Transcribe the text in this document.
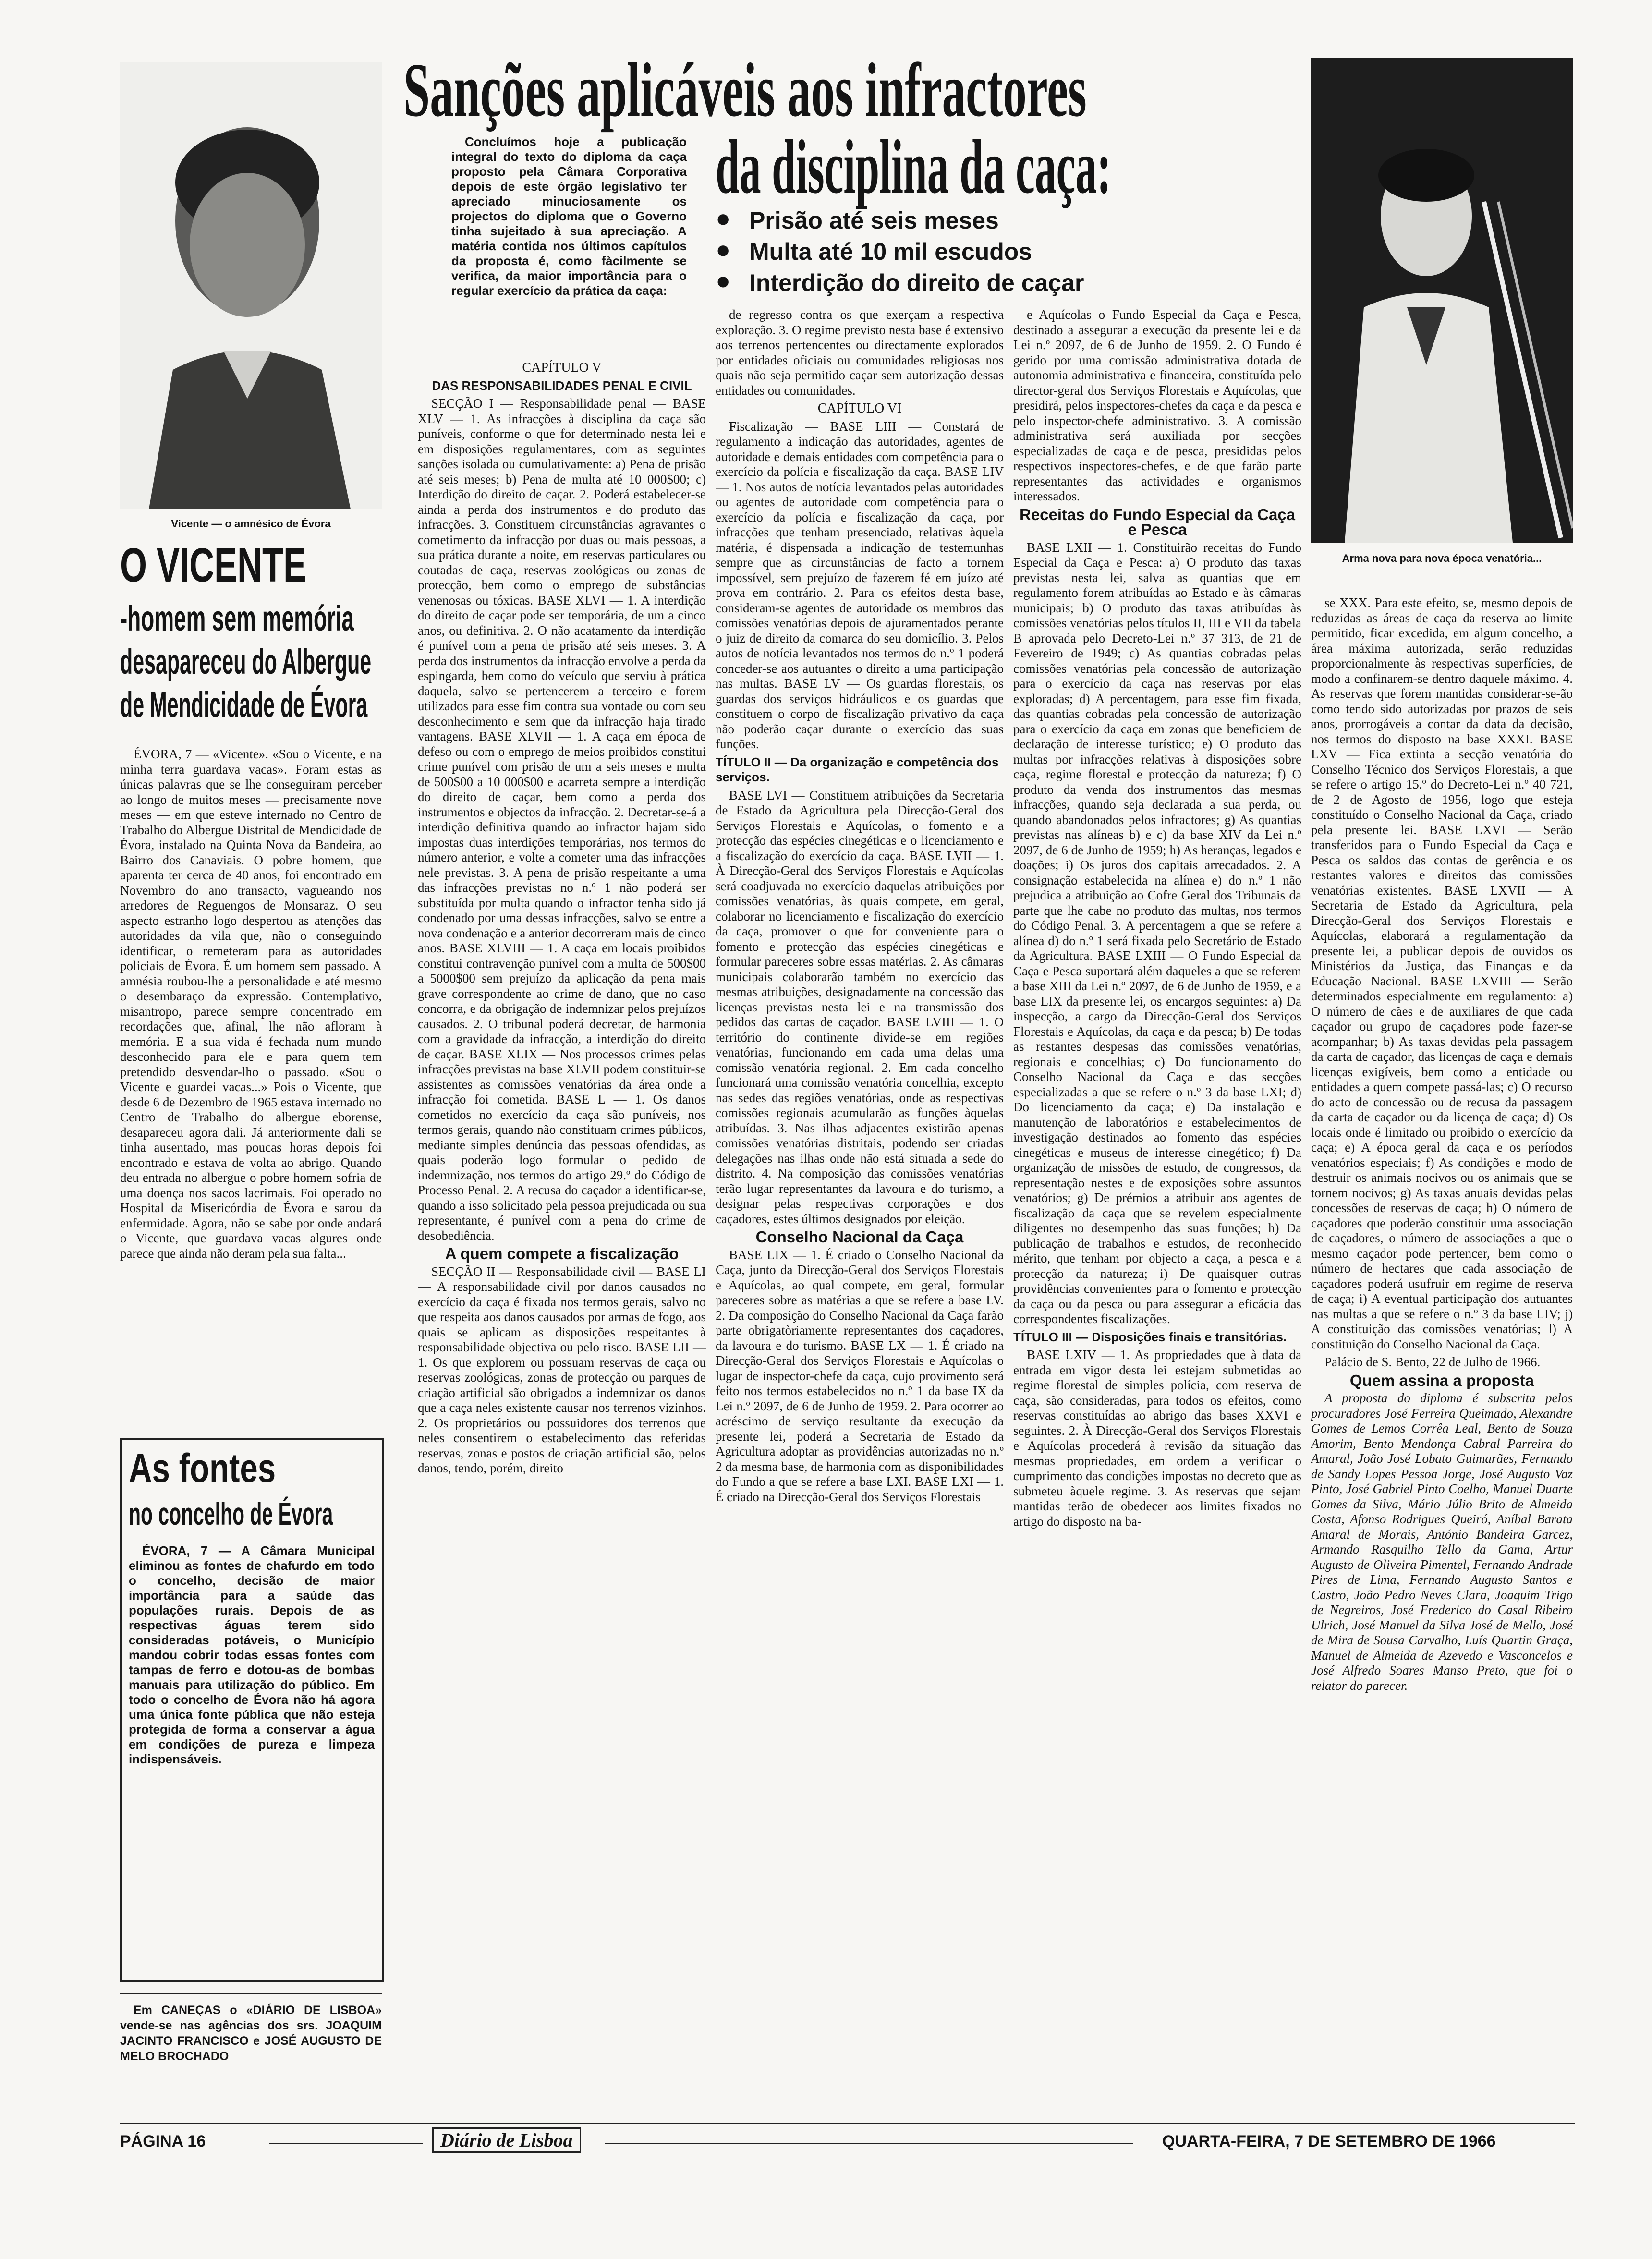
Vicente — o amnésico de Évora
O VICENTE
-homem sem memória
desapareceu do Albergue
de Mendicidade de Évora

ÉVORA, 7 — «Vicente». «Sou o Vicente, e na minha terra guardava vacas». Foram estas as únicas palavras que se lhe conseguiram perceber ao longo de muitos meses — precisamente nove meses — em que esteve internado no Centro de Trabalho do Albergue Distrital de Mendicidade de Évora, instalado na Quinta Nova da Bandeira, ao Bairro dos Canaviais. O pobre homem, que aparenta ter cerca de 40 anos, foi encontrado em Novembro do ano transacto, vagueando nos arredores de Reguengos de Monsaraz. O seu aspecto estranho logo despertou as atenções das autoridades da vila que, não o conseguindo identificar, o remeteram para as autoridades policiais de Évora. É um homem sem passado. A amnésia roubou-lhe a personalidade e até mesmo o desembaraço da expressão. Contemplativo, misantropo, parece sempre concentrado em recordações que, afinal, lhe não afloram à memória. E a sua vida é fechada num mundo desconhecido para ele e para quem tem pretendido desvendar-lho o passado. «Sou o Vicente e guardei vacas...» Pois o Vicente, que desde 6 de Dezembro de 1965 estava internado no Centro de Trabalho do albergue eborense, desapareceu agora dali. Já anteriormente dali se tinha ausentado, mas poucas horas depois foi encontrado e estava de volta ao abrigo. Quando deu entrada no albergue o pobre homem sofria de uma doença nos sacos lacrimais. Foi operado no Hospital da Misericórdia de Évora e sarou da enfermidade. Agora, não se sabe por onde andará o Vicente, que guardava vacas algures onde parece que ainda não deram pela sua falta...

As fontes
no concelho de Évora

ÉVORA, 7 — A Câmara Municipal eliminou as fontes de chafurdo em todo o concelho, decisão de maior importância para a saúde das populações rurais. Depois de as respectivas águas terem sido consideradas potáveis, o Município mandou cobrir todas essas fontes com tampas de ferro e dotou-as de bombas manuais para utilização do público. Em todo o concelho de Évora não há agora uma única fonte pública que não esteja protegida de forma a conservar a água em condições de pureza e limpeza indispensáveis.

Em CANEÇAS o «DIÁRIO DE LISBOA» vende-se nas agências dos srs. JOAQUIM JACINTO FRANCISCO e JOSÉ AUGUSTO DE MELO BROCHADO

Sanções aplicáveis aos infractores
da disciplina da caça:
● Prisão até seis meses
● Multa até 10 mil escudos
● Interdição do direito de caçar

Concluímos hoje a publicação integral do texto do diploma da caça proposto pela Câmara Corporativa depois de este órgão legislativo ter apreciado minuciosamente os projectos do diploma que o Governo tinha sujeitado à sua apreciação. A matéria contida nos últimos capítulos da proposta é, como fàcilmente se verifica, da maior importância para o regular exercício da prática da caça:

Arma nova para nova época venatória...

CAPÍTULO V

DAS RESPONSABILIDADES PENAL E CIVIL

SECÇÃO I — Responsabilidade penal — BASE XLV — 1. As infracções à disciplina da caça são puníveis, conforme o que for determinado nesta lei e em disposições regulamentares, com as seguintes sanções isolada ou cumulativamente: a) Pena de prisão até seis meses; b) Pena de multa até 10 000$00; c) Interdição do direito de caçar. 2. Poderá estabelecer-se ainda a perda dos instrumentos e do produto das infracções. 3. Constituem circunstâncias agravantes o cometimento da infracção por duas ou mais pessoas, a sua prática durante a noite, em reservas particulares ou coutadas de caça, reservas zoológicas ou zonas de protecção, bem como o emprego de substâncias venenosas ou tóxicas. BASE XLVI — 1. A interdição do direito de caçar pode ser temporária, de um a cinco anos, ou definitiva. 2. O não acatamento da interdição é punível com a pena de prisão até seis meses. 3. A perda dos instrumentos da infracção envolve a perda da espingarda, bem como do veículo que serviu à prática daquela, salvo se pertencerem a terceiro e forem utilizados para esse fim contra sua vontade ou com seu desconhecimento e sem que da infracção haja tirado vantagens. BASE XLVII — 1. A caça em época de defeso ou com o emprego de meios proibidos constitui crime punível com prisão de um a seis meses e multa de 500$00 a 10 000$00 e acarreta sempre a interdição do direito de caçar, bem como a perda dos instrumentos e objectos da infracção. 2. Decretar-se-á a interdição definitiva quando ao infractor hajam sido impostas duas interdições temporárias, nos termos do número anterior, e volte a cometer uma das infracções nele previstas. 3. A pena de prisão respeitante a uma das infracções previstas no n.º 1 não poderá ser substituída por multa quando o infractor tenha sido já condenado por uma dessas infracções, salvo se entre a nova condenação e a anterior decorreram mais de cinco anos. BASE XLVIII — 1. A caça em locais proibidos constitui contravenção punível com a multa de 500$00 a 5000$00 sem prejuízo da aplicação da pena mais grave correspondente ao crime de dano, que no caso concorra, e da obrigação de indemnizar pelos prejuízos causados. 2. O tribunal poderá decretar, de harmonia com a gravidade da infracção, a interdição do direito de caçar. BASE XLIX — Nos processos crimes pelas infracções previstas na base XLVII podem constituir-se assistentes as comissões venatórias da área onde a infracção foi cometida. BASE L — 1. Os danos cometidos no exercício da caça são puníveis, nos termos gerais, quando não constituam crimes públicos, mediante simples denúncia das pessoas ofendidas, as quais poderão logo formular o pedido de indemnização, nos termos do artigo 29.º do Código de Processo Penal. 2. A recusa do caçador a identificar-se, quando a isso solicitado pela pessoa prejudicada ou sua representante, é punível com a pena do crime de desobediência.

A quem compete a fiscalização

SECÇÃO II — Responsabilidade civil — BASE LI — A responsabilidade civil por danos causados no exercício da caça é fixada nos termos gerais, salvo no que respeita aos danos causados por armas de fogo, aos quais se aplicam as disposições respeitantes à responsabilidade objectiva ou pelo risco. BASE LII — 1. Os que explorem ou possuam reservas de caça ou reservas zoológicas, zonas de protecção ou parques de criação artificial são obrigados a indemnizar os danos que a caça neles existente causar nos terrenos vizinhos. 2. Os proprietários ou possuidores dos terrenos que neles consentirem o estabelecimento das referidas reservas, zonas e postos de criação artificial são, pelos danos, tendo, porém, direito

de regresso contra os que exerçam a respectiva exploração. 3. O regime previsto nesta base é extensivo aos terrenos pertencentes ou directamente explorados por entidades oficiais ou comunidades religiosas nos quais não seja permitido caçar sem autorização dessas entidades ou comunidades.

CAPÍTULO VI

Fiscalização — BASE LIII — Constará de regulamento a indicação das autoridades, agentes de autoridade e demais entidades com competência para o exercício da polícia e fiscalização da caça. BASE LIV — 1. Nos autos de notícia levantados pelas autoridades ou agentes de autoridade com competência para o exercício da polícia e fiscalização da caça, por infracções que tenham presenciado, relativas àquela matéria, é dispensada a indicação de testemunhas sempre que as circunstâncias de facto a tornem impossível, sem prejuízo de fazerem fé em juízo até prova em contrário. 2. Para os efeitos desta base, consideram-se agentes de autoridade os membros das comissões venatórias depois de ajuramentados perante o juiz de direito da comarca do seu domicílio. 3. Pelos autos de notícia levantados nos termos do n.º 1 poderá conceder-se aos autuantes o direito a uma participação nas multas. BASE LV — Os guardas florestais, os guardas dos serviços hidráulicos e os guardas que constituem o corpo de fiscalização privativo da caça não poderão caçar durante o exercício das suas funções.

TÍTULO II — Da organização e competência dos serviços.

BASE LVI — Constituem atribuições da Secretaria de Estado da Agricultura pela Direcção-Geral dos Serviços Florestais e Aquícolas, o fomento e a protecção das espécies cinegéticas e o licenciamento e a fiscalização do exercício da caça. BASE LVII — 1. À Direcção-Geral dos Serviços Florestais e Aquícolas será coadjuvada no exercício daquelas atribuições por comissões venatórias, às quais compete, em geral, colaborar no licenciamento e fiscalização do exercício da caça, promover o que for conveniente para o fomento e protecção das espécies cinegéticas e formular pareceres sobre essas matérias. 2. As câmaras municipais colaborarão também no exercício das mesmas atribuições, designadamente na concessão das licenças previstas nesta lei e na transmissão dos pedidos das cartas de caçador. BASE LVIII — 1. O território do continente divide-se em regiões venatórias, funcionando em cada uma delas uma comissão venatória regional. 2. Em cada concelho funcionará uma comissão venatória concelhia, excepto nas sedes das regiões venatórias, onde as respectivas comissões regionais acumularão as funções àquelas atribuídas. 3. Nas ilhas adjacentes existirão apenas comissões venatórias distritais, podendo ser criadas delegações nas ilhas onde não está situada a sede do distrito. 4. Na composição das comissões venatórias terão lugar representantes da lavoura e do turismo, a designar pelas respectivas corporações e dos caçadores, estes últimos designados por eleição.

Conselho Nacional da Caça

BASE LIX — 1. É criado o Conselho Nacional da Caça, junto da Direcção-Geral dos Serviços Florestais e Aquícolas, ao qual compete, em geral, formular pareceres sobre as matérias a que se refere a base LV. 2. Da composição do Conselho Nacional da Caça farão parte obrigatòriamente representantes dos caçadores, da lavoura e do turismo. BASE LX — 1. É criado na Direcção-Geral dos Serviços Florestais e Aquícolas o lugar de inspector-chefe da caça, cujo provimento será feito nos termos estabelecidos no n.º 1 da base IX da Lei n.º 2097, de 6 de Junho de 1959. 2. Para ocorrer ao acréscimo de serviço resultante da execução da presente lei, poderá a Secretaria de Estado da Agricultura adoptar as providências autorizadas no n.º 2 da mesma base, de harmonia com as disponibilidades do Fundo a que se refere a base LXI. BASE LXI — 1. É criado na Direcção-Geral dos Serviços Florestais

e Aquícolas o Fundo Especial da Caça e Pesca, destinado a assegurar a execução da presente lei e da Lei n.º 2097, de 6 de Junho de 1959. 2. O Fundo é gerido por uma comissão administrativa dotada de autonomia administrativa e financeira, constituída pelo director-geral dos Serviços Florestais e Aquícolas, que presidirá, pelos inspectores-chefes da caça e da pesca e pelo inspector-chefe administrativo. 3. A comissão administrativa será auxiliada por secções especializadas de caça e de pesca, presididas pelos respectivos inspectores-chefes, e de que farão parte representantes das actividades e organismos interessados.

Receitas do Fundo Especial da Caça e Pesca

BASE LXII — 1. Constituirão receitas do Fundo Especial da Caça e Pesca: a) O produto das taxas previstas nesta lei, salva as quantias que em regulamento forem atribuídas ao Estado e às câmaras municipais; b) O produto das taxas atribuídas às comissões venatórias pelos títulos II, III e VII da tabela B aprovada pelo Decreto-Lei n.º 37 313, de 21 de Fevereiro de 1949; c) As quantias cobradas pelas comissões venatórias pela concessão de autorização para o exercício da caça nas reservas por elas exploradas; d) A percentagem, para esse fim fixada, das quantias cobradas pela concessão de autorização para o exercício da caça em zonas que beneficiem de declaração de interesse turístico; e) O produto das multas por infracções relativas à disposições sobre caça, regime florestal e protecção da natureza; f) O produto da venda dos instrumentos das mesmas infracções, quando seja declarada a sua perda, ou quando abandonados pelos infractores; g) As quantias previstas nas alíneas b) e c) da base XIV da Lei n.º 2097, de 6 de Junho de 1959; h) As heranças, legados e doações; i) Os juros dos capitais arrecadados. 2. A consignação estabelecida na alínea e) do n.º 1 não prejudica a atribuição ao Cofre Geral dos Tribunais da parte que lhe cabe no produto das multas, nos termos do Código Penal. 3. A percentagem a que se refere a alínea d) do n.º 1 será fixada pelo Secretário de Estado da Agricultura. BASE LXIII — O Fundo Especial da Caça e Pesca suportará além daqueles a que se referem a base XIII da Lei n.º 2097, de 6 de Junho de 1959, e a base LIX da presente lei, os encargos seguintes: a) Da inspecção, a cargo da Direcção-Geral dos Serviços Florestais e Aquícolas, da caça e da pesca; b) De todas as restantes despesas das comissões venatórias, regionais e concelhias; c) Do funcionamento do Conselho Nacional da Caça e das secções especializadas a que se refere o n.º 3 da base LXI; d) Do licenciamento da caça; e) Da instalação e manutenção de laboratórios e estabelecimentos de investigação destinados ao fomento das espécies cinegéticas e museus de interesse cinegético; f) Da organização de missões de estudo, de congressos, da representação nestes e de exposições sobre assuntos venatórios; g) De prémios a atribuir aos agentes de fiscalização da caça que se revelem especialmente diligentes no desempenho das suas funções; h) Da publicação de trabalhos e estudos, de reconhecido mérito, que tenham por objecto a caça, a pesca e a protecção da natureza; i) De quaisquer outras providências convenientes para o fomento e protecção da caça ou da pesca ou para assegurar a eficácia das correspondentes fiscalizações.

TÍTULO III — Disposições finais e transitórias.

BASE LXIV — 1. As propriedades que à data da entrada em vigor desta lei estejam submetidas ao regime florestal de simples polícia, com reserva de caça, são consideradas, para todos os efeitos, como reservas constituídas ao abrigo das bases XXVI e seguintes. 2. À Direcção-Geral dos Serviços Florestais e Aquícolas procederá à revisão da situação das mesmas propriedades, em ordem a verificar o cumprimento das condições impostas no decreto que as submeteu àquele regime. 3. As reservas que sejam mantidas terão de obedecer aos limites fixados no artigo do disposto na ba-

se XXX. Para este efeito, se, mesmo depois de reduzidas as áreas de caça da reserva ao limite permitido, ficar excedida, em algum concelho, a área máxima autorizada, serão reduzidas proporcionalmente às respectivas superfícies, de modo a confinarem-se dentro daquele máximo. 4. As reservas que forem mantidas considerar-se-ão como tendo sido autorizadas por prazos de seis anos, prorrogáveis a contar da data da decisão, nos termos do disposto na base XXXI. BASE LXV — Fica extinta a secção venatória do Conselho Técnico dos Serviços Florestais, a que se refere o artigo 15.º do Decreto-Lei n.º 40 721, de 2 de Agosto de 1956, logo que esteja constituído o Conselho Nacional da Caça, criado pela presente lei. BASE LXVI — Serão transferidos para o Fundo Especial da Caça e Pesca os saldos das contas de gerência e os restantes valores e direitos das comissões venatórias existentes. BASE LXVII — A Secretaria de Estado da Agricultura, pela Direcção-Geral dos Serviços Florestais e Aquícolas, elaborará a regulamentação da presente lei, a publicar depois de ouvidos os Ministérios da Justiça, das Finanças e da Educação Nacional. BASE LXVIII — Serão determinados especialmente em regulamento: a) O número de cães e de auxiliares de que cada caçador ou grupo de caçadores pode fazer-se acompanhar; b) As taxas devidas pela passagem da carta de caçador, das licenças de caça e demais licenças exigíveis, bem como a entidade ou entidades a quem compete passá-las; c) O recurso do acto de concessão ou de recusa da passagem da carta de caçador ou da licença de caça; d) Os locais onde é limitado ou proibido o exercício da caça; e) A época geral da caça e os períodos venatórios especiais; f) As condições e modo de destruir os animais nocivos ou os animais que se tornem nocivos; g) As taxas anuais devidas pelas concessões de reservas de caça; h) O número de caçadores que poderão constituir uma associação de caçadores, o número de associações a que o mesmo caçador pode pertencer, bem como o número de hectares que cada associação de caçadores poderá usufruir em regime de reserva de caça; i) A eventual participação dos autuantes nas multas a que se refere o n.º 3 da base LIV; j) A constituição das comissões venatórias; l) A constituição do Conselho Nacional da Caça.

Palácio de S. Bento, 22 de Julho de 1966.

Quem assina a proposta

A proposta do diploma é subscrita pelos procuradores José Ferreira Queimado, Alexandre Gomes de Lemos Corrêa Leal, Bento de Souza Amorim, Bento Mendonça Cabral Parreira do Amaral, João José Lobato Guimarães, Fernando de Sandy Lopes Pessoa Jorge, José Augusto Vaz Pinto, José Gabriel Pinto Coelho, Manuel Duarte Gomes da Silva, Mário Júlio Brito de Almeida Costa, Afonso Rodrigues Queiró, Aníbal Barata Amaral de Morais, António Bandeira Garcez, Armando Rasquilho Tello da Gama, Artur Augusto de Oliveira Pimentel, Fernando Andrade Pires de Lima, Fernando Augusto Santos e Castro, João Pedro Neves Clara, Joaquim Trigo de Negreiros, José Frederico do Casal Ribeiro Ulrich, José Manuel da Silva José de Mello, José de Mira de Sousa Carvalho, Luís Quartin Graça, Manuel de Almeida de Azevedo e Vasconcelos e José Alfredo Soares Manso Preto, que foi o relator do parecer.

PÁGINA 16	Diário de Lisboa	QUARTA-FEIRA, 7 DE SETEMBRO DE 1966
